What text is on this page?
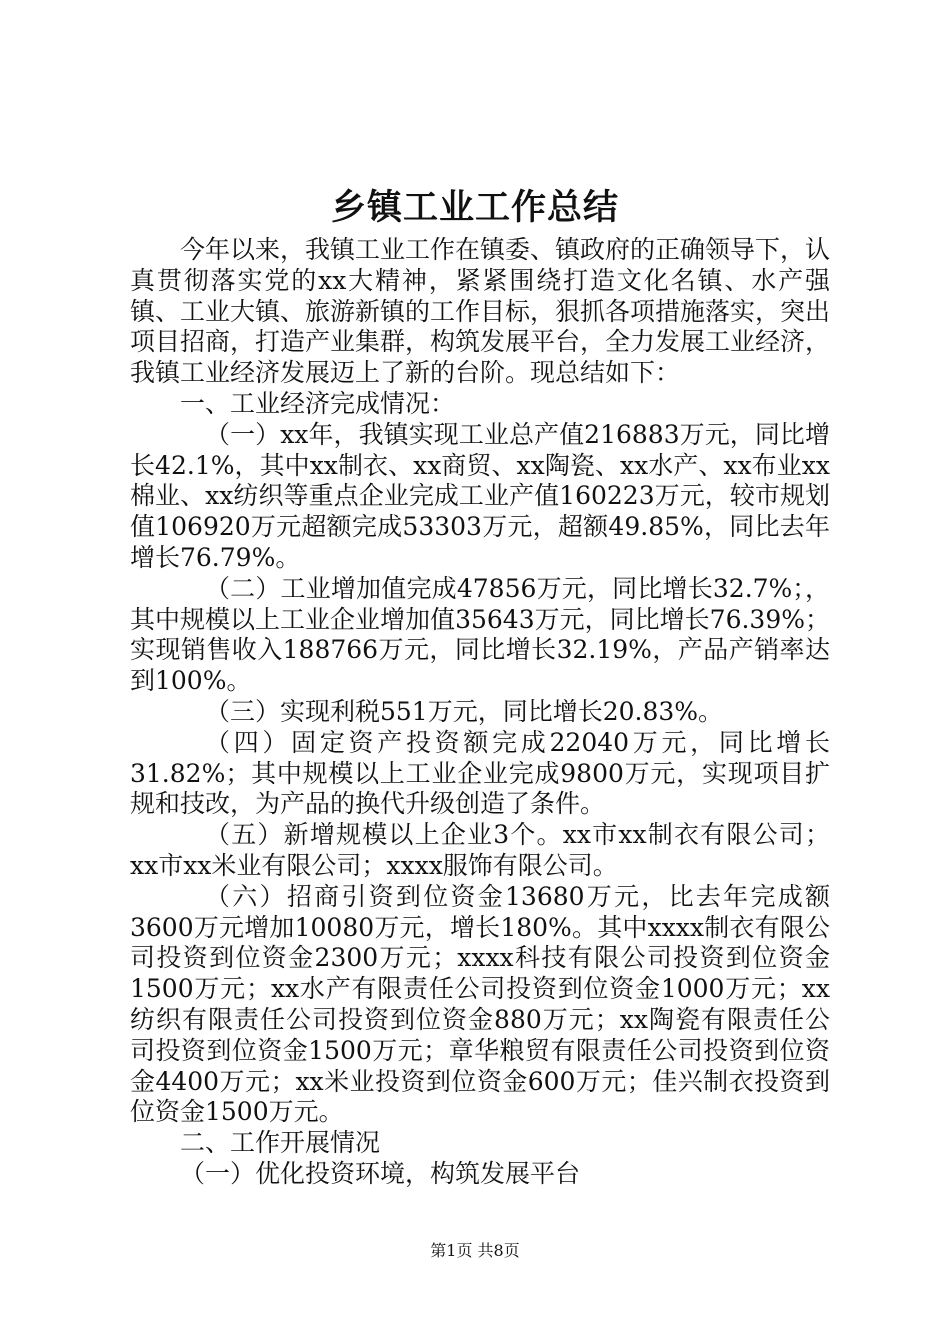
乡镇工业工作总结

今年以来，我镇工业工作在镇委、镇政府的正确领导下，认真贯彻落实党的xx大精神，紧紧围绕打造文化名镇、水产强镇、工业大镇、旅游新镇的工作目标，狠抓各项措施落实，突出项目招商，打造产业集群，构筑发展平台，全力发展工业经济，我镇工业经济发展迈上了新的台阶。现总结如下：

一、工业经济完成情况：

（一）xx年，我镇实现工业总产值216883万元，同比增长42.1%，其中xx制衣、xx商贸、xx陶瓷、xx水产、xx布业xx棉业、xx纺织等重点企业完成工业产值160223万元，较市规划值106920万元超额完成53303万元，超额49.85%，同比去年增长76.79%。

（二）工业增加值完成47856万元，同比增长32.7%；，其中规模以上工业企业增加值35643万元，同比增长76.39%；实现销售收入188766万元，同比增长32.19%，产品产销率达到100%。

（三）实现利税551万元，同比增长20.83%。

（四）固定资产投资额完成22040万元，同比增长31.82%；其中规模以上工业企业完成9800万元，实现项目扩规和技改，为产品的换代升级创造了条件。

（五）新增规模以上企业3个。xx市xx制衣有限公司；xx市xx米业有限公司；xxxx服饰有限公司。

（六）招商引资到位资金13680万元，比去年完成额3600万元增加10080万元，增长180%。其中xxxx制衣有限公司投资到位资金2300万元；xxxx科技有限公司投资到位资金1500万元；xx水产有限责任公司投资到位资金1000万元；xx纺织有限责任公司投资到位资金880万元；xx陶瓷有限责任公司投资到位资金1500万元；章华粮贸有限责任公司投资到位资金4400万元；xx米业投资到位资金600万元；佳兴制衣投资到位资金1500万元。

二、工作开展情况

（一）优化投资环境，构筑发展平台

第1页 共8页
